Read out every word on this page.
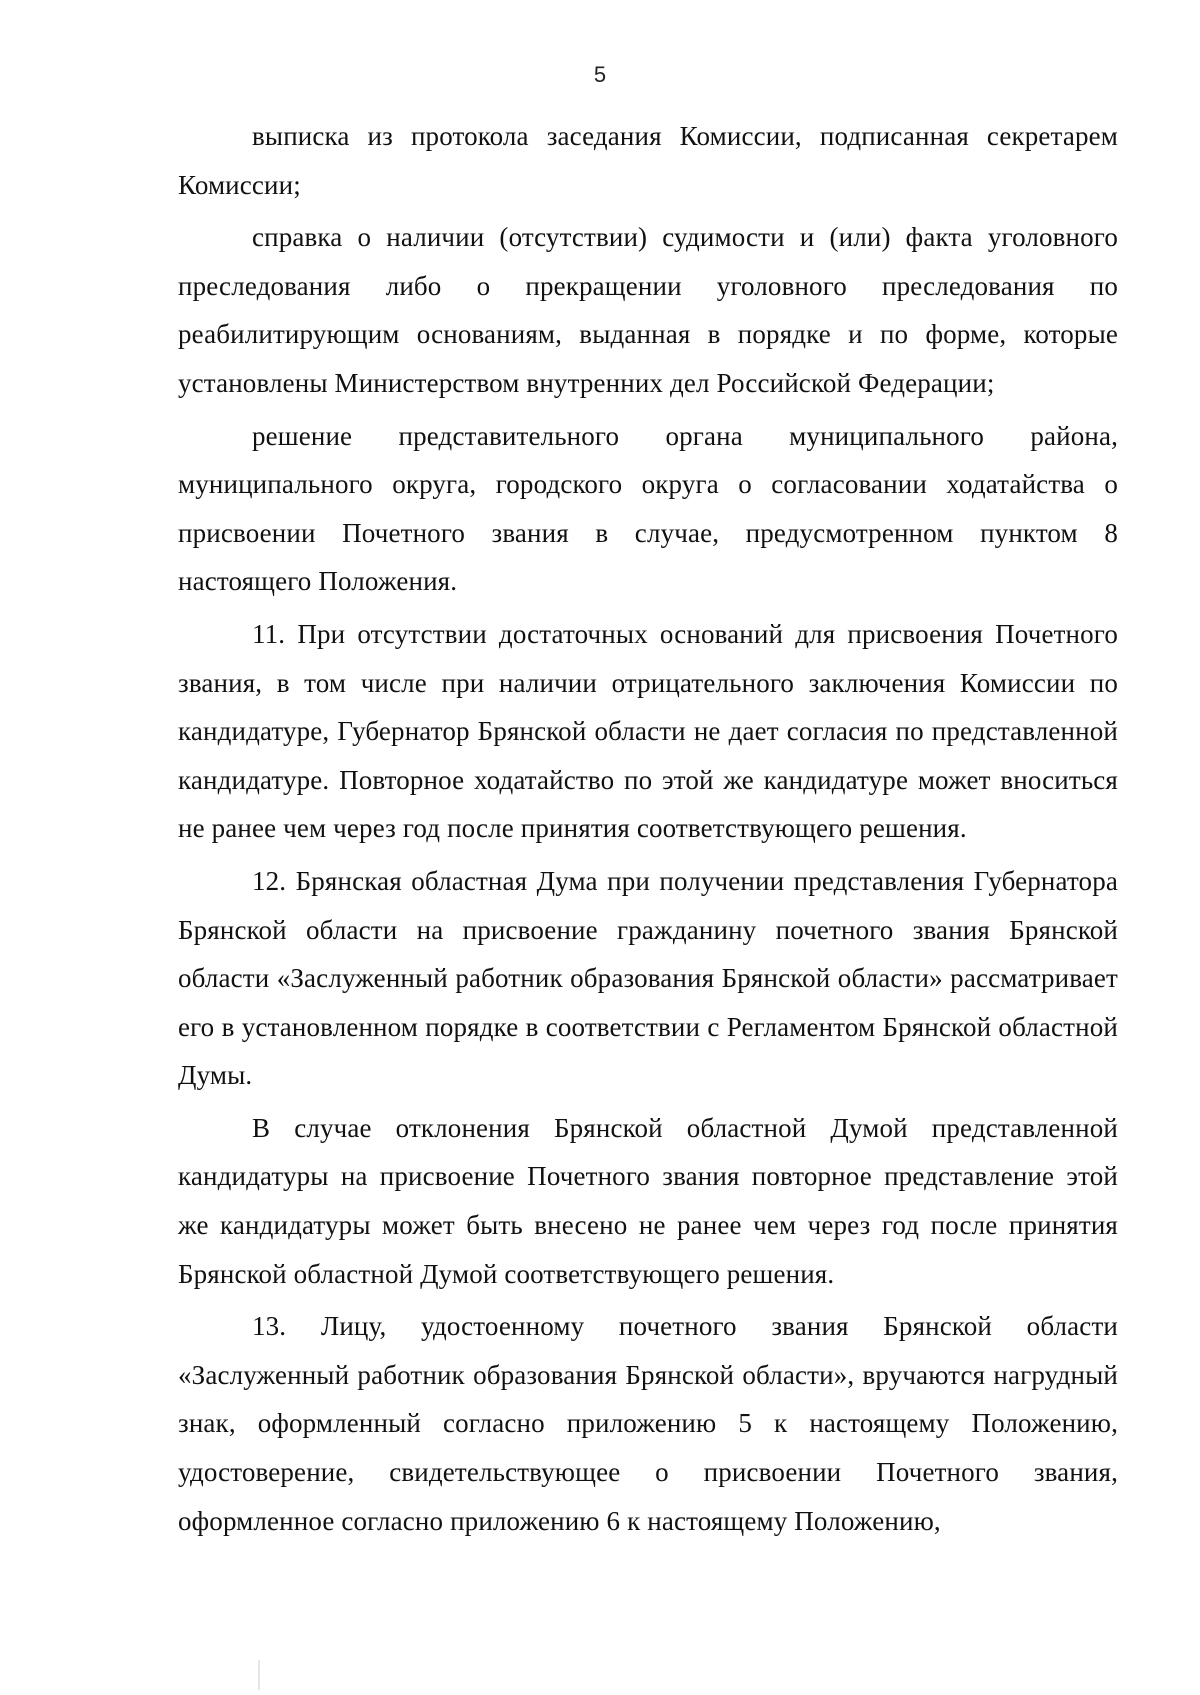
5

выписка из протокола заседания Комиссии, подписанная секретарем Комиссии;

справка о наличии (отсутствии) судимости и (или) факта уголовного преследования либо о прекращении уголовного преследования по реабилитирующим основаниям, выданная в порядке и по форме, которые установлены Министерством внутренних дел Российской Федерации;

решение представительного органа муниципального района, муниципального округа, городского округа о согласовании ходатайства о присвоении Почетного звания в случае, предусмотренном пунктом 8 настоящего Положения.

11. При отсутствии достаточных оснований для присвоения Почетного звания, в том числе при наличии отрицательного заключения Комиссии по кандидатуре, Губернатор Брянской области не дает согласия по представленной кандидатуре. Повторное ходатайство по этой же кандидатуре может вноситься не ранее чем через год после принятия соответствующего решения.

12. Брянская областная Дума при получении представления Губернатора Брянской области на присвоение гражданину почетного звания Брянской области «Заслуженный работник образования Брянской области» рассматривает его в установленном порядке в соответствии с Регламентом Брянской областной Думы.

В случае отклонения Брянской областной Думой представленной кандидатуры на присвоение Почетного звания повторное представление этой же кандидатуры может быть внесено не ранее чем через год после принятия Брянской областной Думой соответствующего решения.

13. Лицу, удостоенному почетного звания Брянской области «Заслуженный работник образования Брянской области», вручаются нагрудный знак, оформленный согласно приложению 5 к настоящему Положению, удостоверение, свидетельствующее о присвоении Почетного звания, оформленное согласно приложению 6 к настоящему Положению,
